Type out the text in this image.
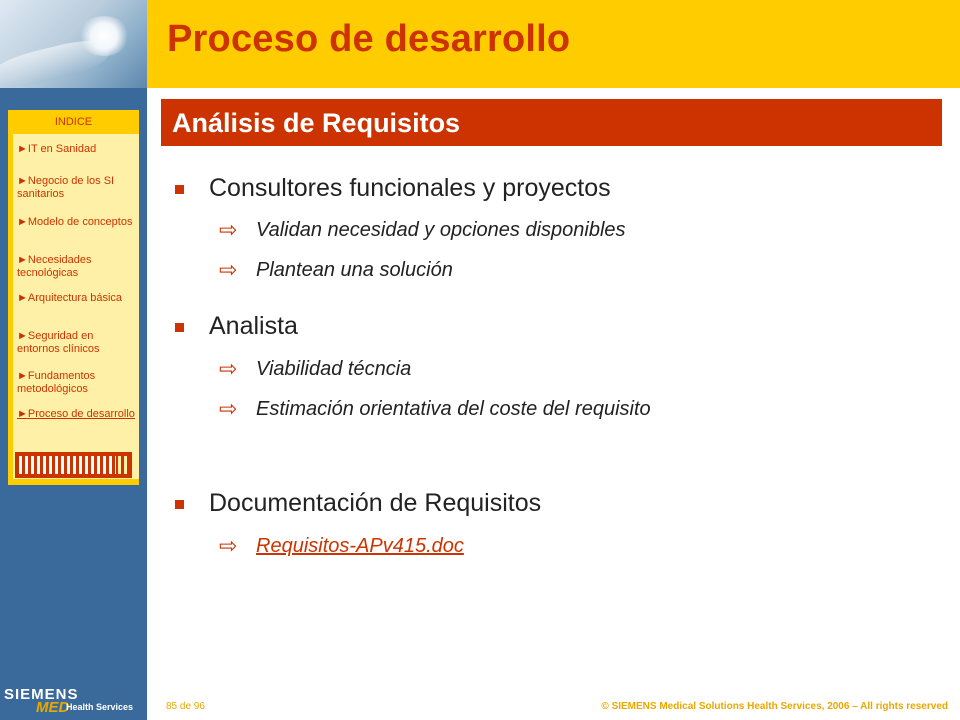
Proceso de desarrollo
Análisis de Requisitos
INDICE
►IT en Sanidad
►Negocio de los SI sanitarios
►Modelo de conceptos
►Necesidades tecnológicas
►Arquitectura básica
►Seguridad en entornos clínicos
►Fundamentos metodológicos
►Proceso de desarrollo

Consultores funcionales y proyectos

⇨ Validan necesidad y opciones disponibles

⇨ Plantean una solución

Analista

⇨ Viabilidad técncia

⇨ Estimación orientativa del coste del requisito

Documentación de Requisitos

⇨ Requisitos-APv415.doc

SIEMENS
MED
Health Services	85 de 96	© SIEMENS Medical Solutions Health Services, 2006 – All rights reserved
